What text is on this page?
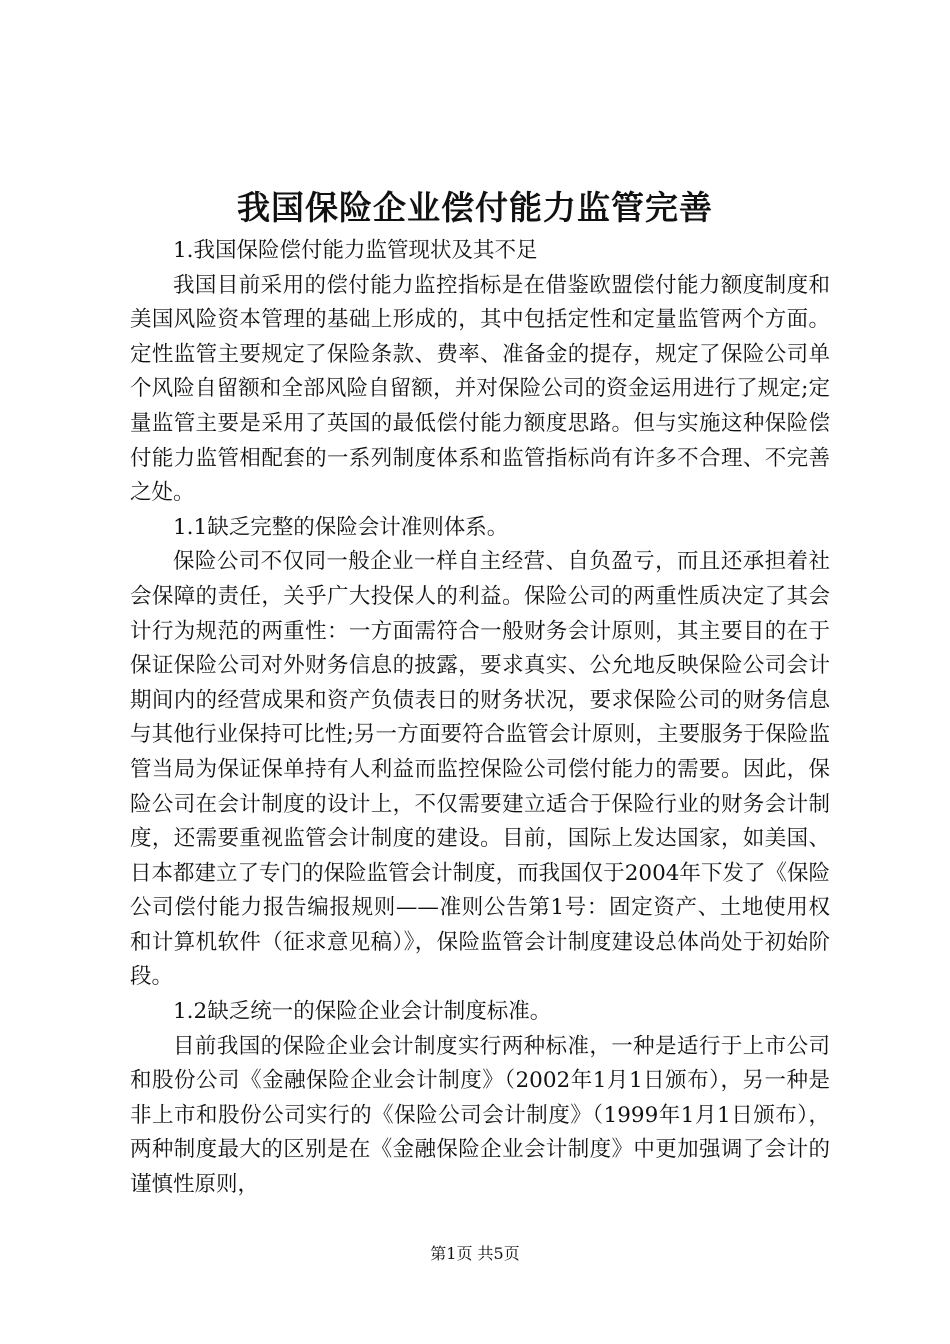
我国保险企业偿付能力监管完善

1.我国保险偿付能力监管现状及其不足

我国目前采用的偿付能力监控指标是在借鉴欧盟偿付能力额度制度和美国风险资本管理的基础上形成的，其中包括定性和定量监管两个方面。定性监管主要规定了保险条款、费率、准备金的提存，规定了保险公司单个风险自留额和全部风险自留额，并对保险公司的资金运用进行了规定;定量监管主要是采用了英国的最低偿付能力额度思路。但与实施这种保险偿付能力监管相配套的一系列制度体系和监管指标尚有许多不合理、不完善之处。

1.1缺乏完整的保险会计准则体系。

保险公司不仅同一般企业一样自主经营、自负盈亏，而且还承担着社会保障的责任，关乎广大投保人的利益。保险公司的两重性质决定了其会计行为规范的两重性：一方面需符合一般财务会计原则，其主要目的在于保证保险公司对外财务信息的披露，要求真实、公允地反映保险公司会计期间内的经营成果和资产负债表日的财务状况，要求保险公司的财务信息与其他行业保持可比性;另一方面要符合监管会计原则，主要服务于保险监管当局为保证保单持有人利益而监控保险公司偿付能力的需要。因此，保险公司在会计制度的设计上，不仅需要建立适合于保险行业的财务会计制度，还需要重视监管会计制度的建设。目前，国际上发达国家，如美国、日本都建立了专门的保险监管会计制度，而我国仅于2004年下发了《保险公司偿付能力报告编报规则——准则公告第1号：固定资产、土地使用权和计算机软件（征求意见稿）》，保险监管会计制度建设总体尚处于初始阶段。

1.2缺乏统一的保险企业会计制度标准。

目前我国的保险企业会计制度实行两种标准，一种是适行于上市公司和股份公司《金融保险企业会计制度》（2002年1月1日颁布），另一种是非上市和股份公司实行的《保险公司会计制度》（1999年1月1日颁布），两种制度最大的区别是在《金融保险企业会计制度》中更加强调了会计的谨慎性原则，

第1页 共5页
